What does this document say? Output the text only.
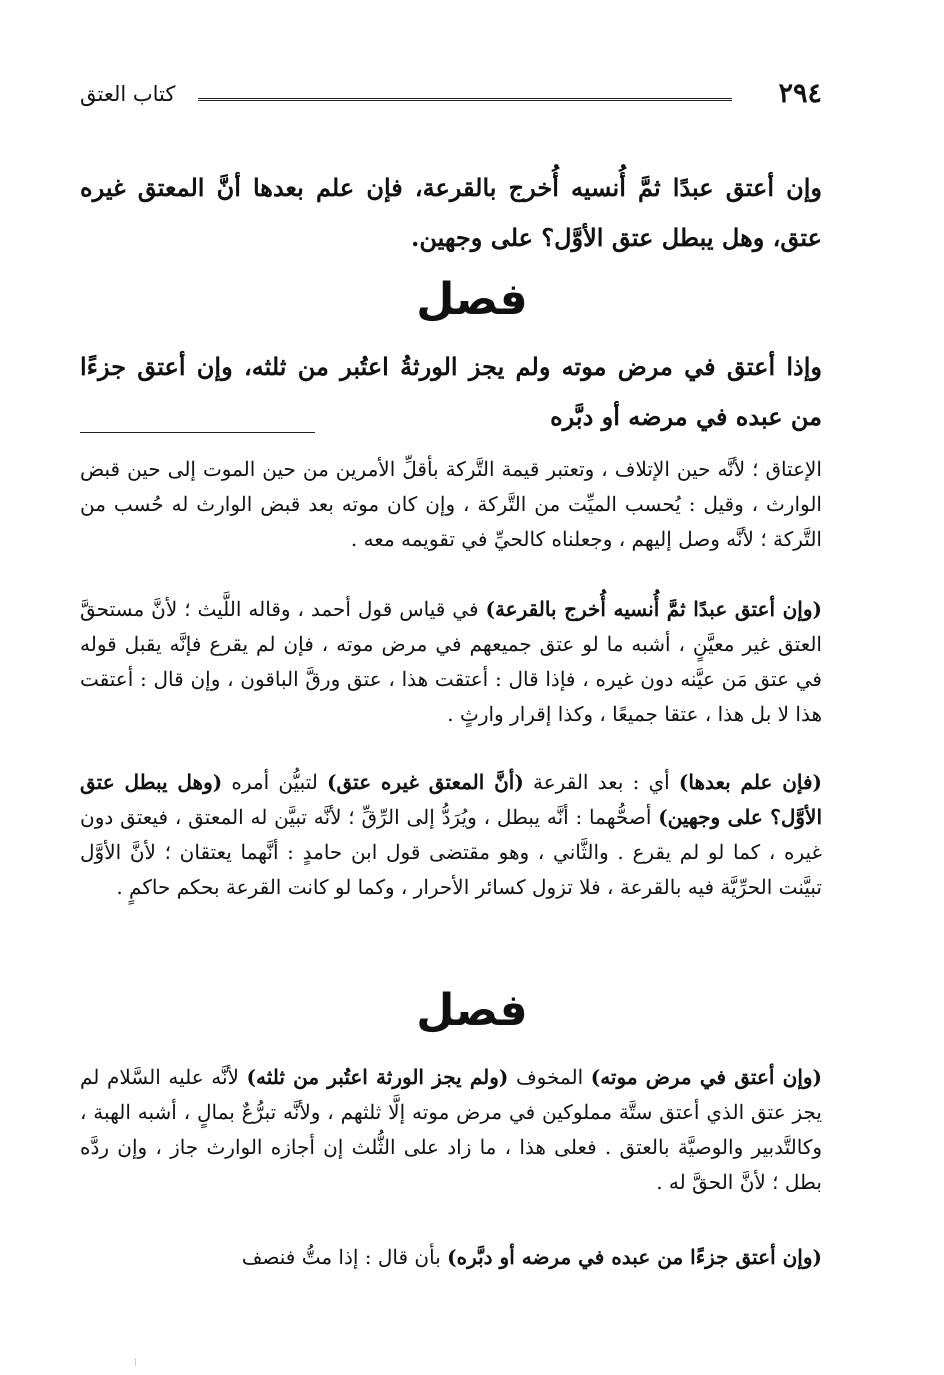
٢٩٤
كتاب العتق
وإن أعتق عبدًا ثمَّ أُنسيه أُخرج بالقرعة، فإن علم بعدها أنَّ المعتق غيره عتق، وهل يبطل عتق الأوَّل؟ على وجهين.
فصل
وإذا أعتق في مرض موته ولم يجز الورثةُ اعتُبر من ثلثه، وإن أعتق جزءًا من عبده في مرضه أو دبَّره
الإعتاق ؛ لأنَّه حين الإتلاف ، وتعتبر قيمة التَّركة بأقلِّ الأمرين من حين الموت إلى حين قبض الوارث ، وقيل : يُحسب الميِّت من التَّركة ، وإن كان موته بعد قبض الوارث له حُسب من التَّركة ؛ لأنَّه وصل إليهم ، وجعلناه كالحيِّ في تقويمه معه .
(وإن أعتق عبدًا ثمَّ أُنسيه أُخرج بالقرعة) في قياس قول أحمد ، وقاله اللَّيث ؛ لأنَّ مستحقَّ العتق غير معيَّنٍ ، أشبه ما لو عتق جميعهم في مرض موته ، فإن لم يقرع فإنَّه يقبل قوله في عتق مَن عيَّنه دون غيره ، فإذا قال : أعتقت هذا ، عتق ورقَّ الباقون ، وإن قال : أعتقت هذا لا بل هذا ، عتقا جميعًا ، وكذا إقرار وارثٍ .
(فإن علم بعدها) أي : بعد القرعة (أنَّ المعتق غيره عتق) لتبيُّن أمره (وهل يبطل عتق الأوَّل؟ على وجهين) أصحُّهما : أنَّه يبطل ، ويُرَدُّ إلى الرِّقِّ ؛ لأنَّه تبيَّن له المعتق ، فيعتق دون غيره ، كما لو لم يقرع . والثَّاني ، وهو مقتضى قول ابن حامدٍ : أنَّهما يعتقان ؛ لأنَّ الأوَّل تبيَّنت الحرِّيَّة فيه بالقرعة ، فلا تزول كسائر الأحرار ، وكما لو كانت القرعة بحكم حاكمٍ .
فصل
(وإن أعتق في مرض موته) المخوف (ولم يجز الورثة اعتُبر من ثلثه) لأنَّه عليه السَّلام لم يجز عتق الذي أعتق ستَّة مملوكين في مرض موته إلَّا ثلثهم ، ولأنَّه تبرُّعٌ بمالٍ ، أشبه الهبة ، وكالتَّدبير والوصيَّة بالعتق . فعلى هذا ، ما زاد على الثُّلث إن أجازه الوارث جاز ، وإن ردَّه بطل ؛ لأنَّ الحقَّ له .
(وإن أعتق جزءًا من عبده في مرضه أو دبَّره) بأن قال : إذا متُّ فنصف
